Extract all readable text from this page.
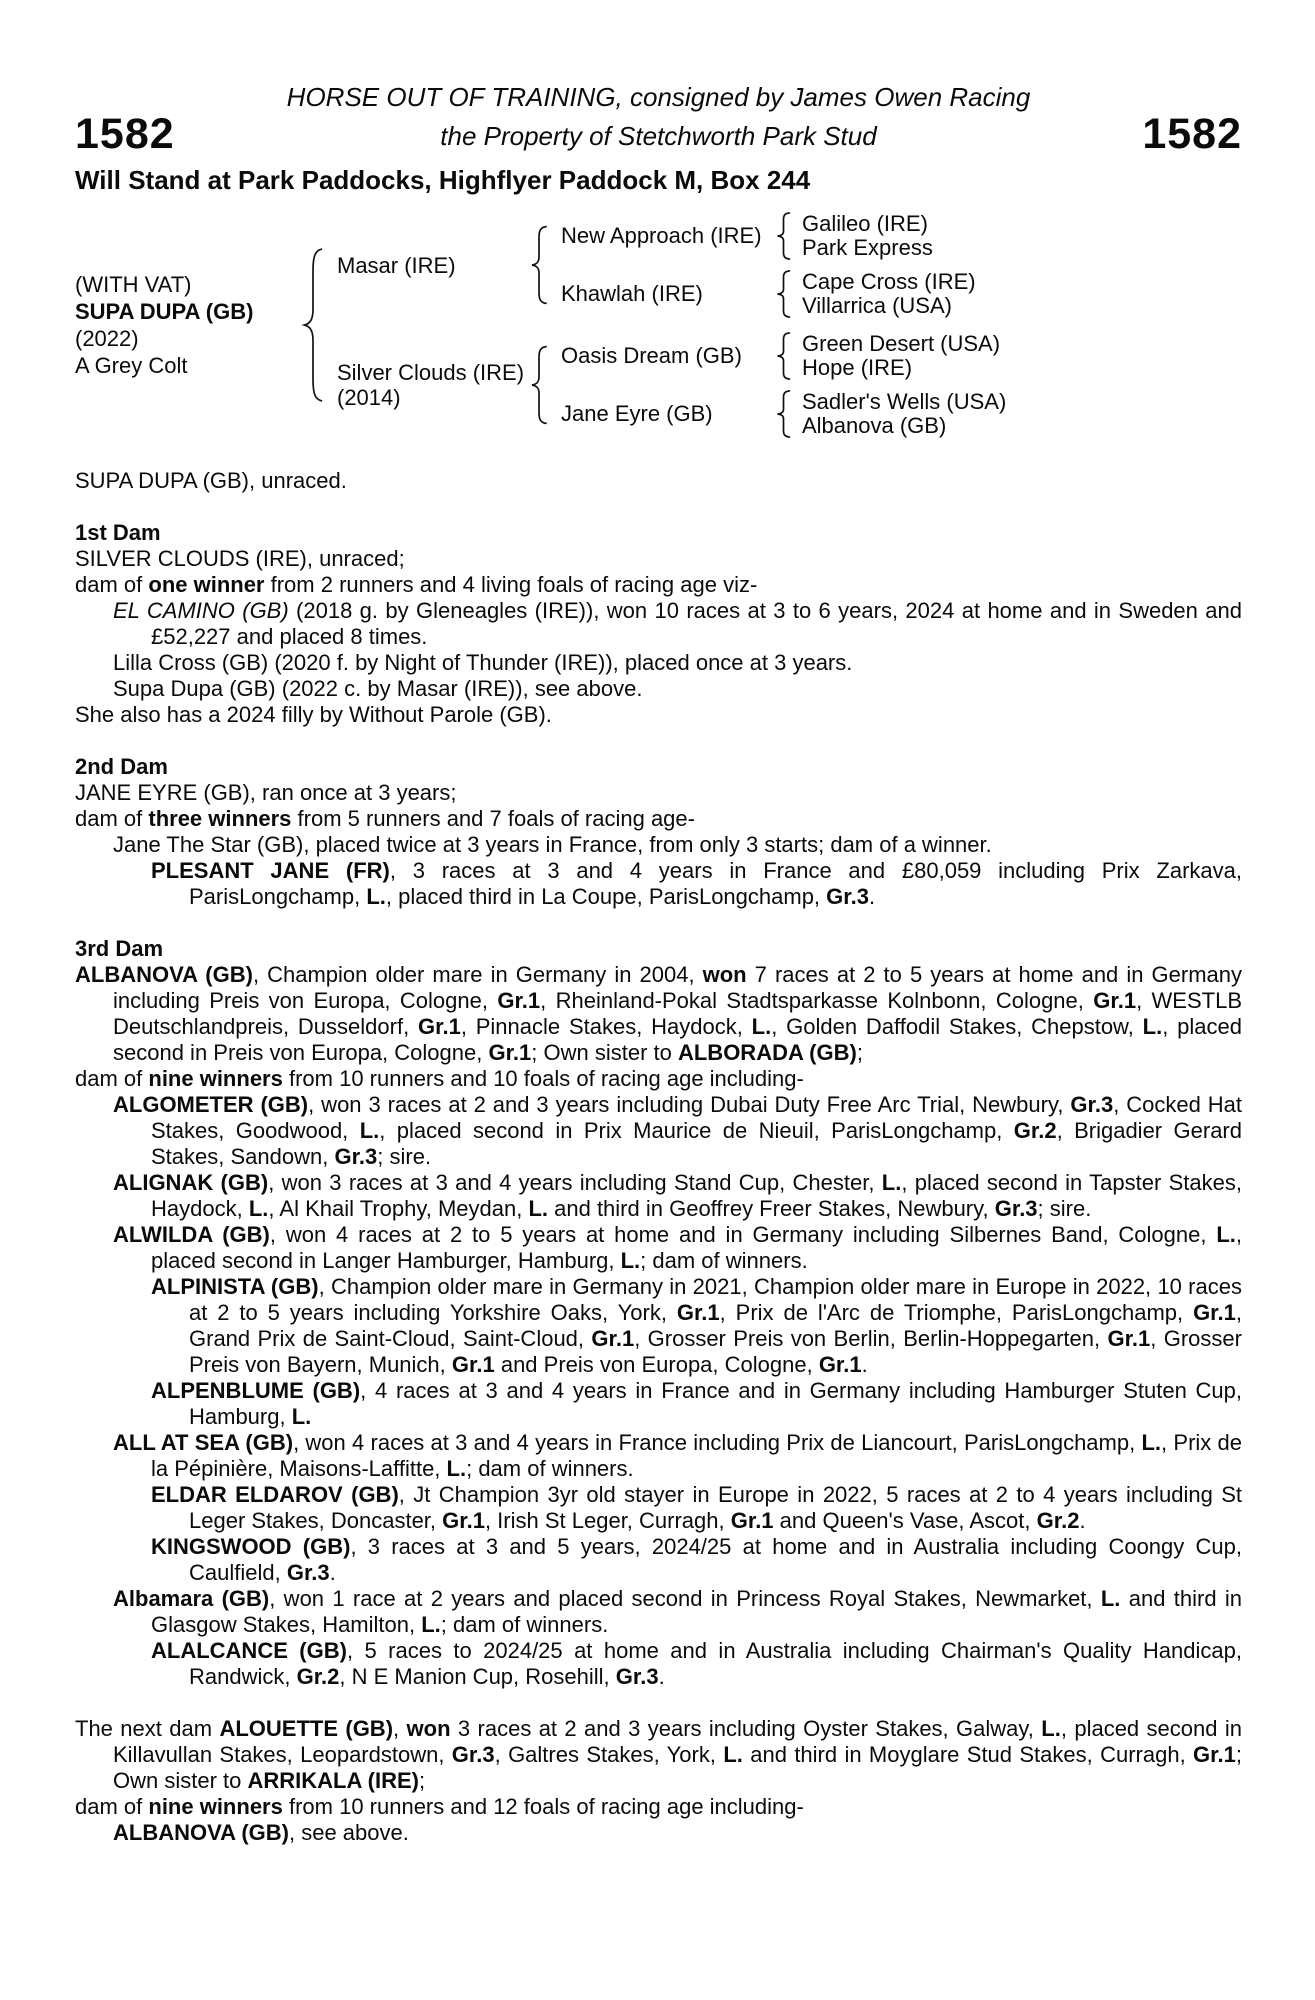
1582
HORSE OUT OF TRAINING, consigned by James Owen Racing
the Property of Stetchworth Park Stud	1582
Will Stand at Park Paddocks, Highflyer Paddock M, Box 244
(WITH VAT)
SUPA DUPA (GB)
(2022)
A Grey Colt
Masar (IRE)
New Approach (IRE)	Galileo (IRE)
Park Express
Khawlah (IRE)	Cape Cross (IRE)
Villarrica (USA)
Silver Clouds (IRE)
(2014)
Oasis Dream (GB)	Green Desert (USA)
Hope (IRE)
Jane Eyre (GB)	Sadler's Wells (USA)
Albanova (GB)
SUPA DUPA (GB), unraced.
1st Dam
SILVER CLOUDS (IRE), unraced;
dam of one winner from 2 runners and 4 living foals of racing age viz-
EL CAMINO (GB) (2018 g. by Gleneagles (IRE)), won 10 races at 3 to 6 years, 2024 at home and in Sweden and £52,227 and placed 8 times.
Lilla Cross (GB) (2020 f. by Night of Thunder (IRE)), placed once at 3 years.
Supa Dupa (GB) (2022 c. by Masar (IRE)), see above.
She also has a 2024 filly by Without Parole (GB).
2nd Dam
JANE EYRE (GB), ran once at 3 years;
dam of three winners from 5 runners and 7 foals of racing age-
Jane The Star (GB), placed twice at 3 years in France, from only 3 starts; dam of a winner.
PLESANT JANE (FR), 3 races at 3 and 4 years in France and £80,059 including Prix Zarkava, ParisLongchamp, L., placed third in La Coupe, ParisLongchamp, Gr.3.
3rd Dam
ALBANOVA (GB), Champion older mare in Germany in 2004, won 7 races at 2 to 5 years at home and in Germany including Preis von Europa, Cologne, Gr.1, Rheinland-Pokal Stadtsparkasse Kolnbonn, Cologne, Gr.1, WESTLB Deutschlandpreis, Dusseldorf, Gr.1, Pinnacle Stakes, Haydock, L., Golden Daffodil Stakes, Chepstow, L., placed second in Preis von Europa, Cologne, Gr.1; Own sister to ALBORADA (GB);
dam of nine winners from 10 runners and 10 foals of racing age including-
ALGOMETER (GB), won 3 races at 2 and 3 years including Dubai Duty Free Arc Trial, Newbury, Gr.3, Cocked Hat Stakes, Goodwood, L., placed second in Prix Maurice de Nieuil, ParisLongchamp, Gr.2, Brigadier Gerard Stakes, Sandown, Gr.3; sire.
ALIGNAK (GB), won 3 races at 3 and 4 years including Stand Cup, Chester, L., placed second in Tapster Stakes, Haydock, L., Al Khail Trophy, Meydan, L. and third in Geoffrey Freer Stakes, Newbury, Gr.3; sire.
ALWILDA (GB), won 4 races at 2 to 5 years at home and in Germany including Silbernes Band, Cologne, L., placed second in Langer Hamburger, Hamburg, L.; dam of winners.
ALPINISTA (GB), Champion older mare in Germany in 2021, Champion older mare in Europe in 2022, 10 races at 2 to 5 years including Yorkshire Oaks, York, Gr.1, Prix de l'Arc de Triomphe, ParisLongchamp, Gr.1, Grand Prix de Saint-Cloud, Saint-Cloud, Gr.1, Grosser Preis von Berlin, Berlin-Hoppegarten, Gr.1, Grosser Preis von Bayern, Munich, Gr.1 and Preis von Europa, Cologne, Gr.1.
ALPENBLUME (GB), 4 races at 3 and 4 years in France and in Germany including Hamburger Stuten Cup, Hamburg, L.
ALL AT SEA (GB), won 4 races at 3 and 4 years in France including Prix de Liancourt, ParisLongchamp, L., Prix de la Pépinière, Maisons-Laffitte, L.; dam of winners.
ELDAR ELDAROV (GB), Jt Champion 3yr old stayer in Europe in 2022, 5 races at 2 to 4 years including St Leger Stakes, Doncaster, Gr.1, Irish St Leger, Curragh, Gr.1 and Queen's Vase, Ascot, Gr.2.
KINGSWOOD (GB), 3 races at 3 and 5 years, 2024/25 at home and in Australia including Coongy Cup, Caulfield, Gr.3.
Albamara (GB), won 1 race at 2 years and placed second in Princess Royal Stakes, Newmarket, L. and third in Glasgow Stakes, Hamilton, L.; dam of winners.
ALALCANCE (GB), 5 races to 2024/25 at home and in Australia including Chairman's Quality Handicap, Randwick, Gr.2, N E Manion Cup, Rosehill, Gr.3.
The next dam ALOUETTE (GB), won 3 races at 2 and 3 years including Oyster Stakes, Galway, L., placed second in Killavullan Stakes, Leopardstown, Gr.3, Galtres Stakes, York, L. and third in Moyglare Stud Stakes, Curragh, Gr.1; Own sister to ARRIKALA (IRE);
dam of nine winners from 10 runners and 12 foals of racing age including-
ALBANOVA (GB), see above.
